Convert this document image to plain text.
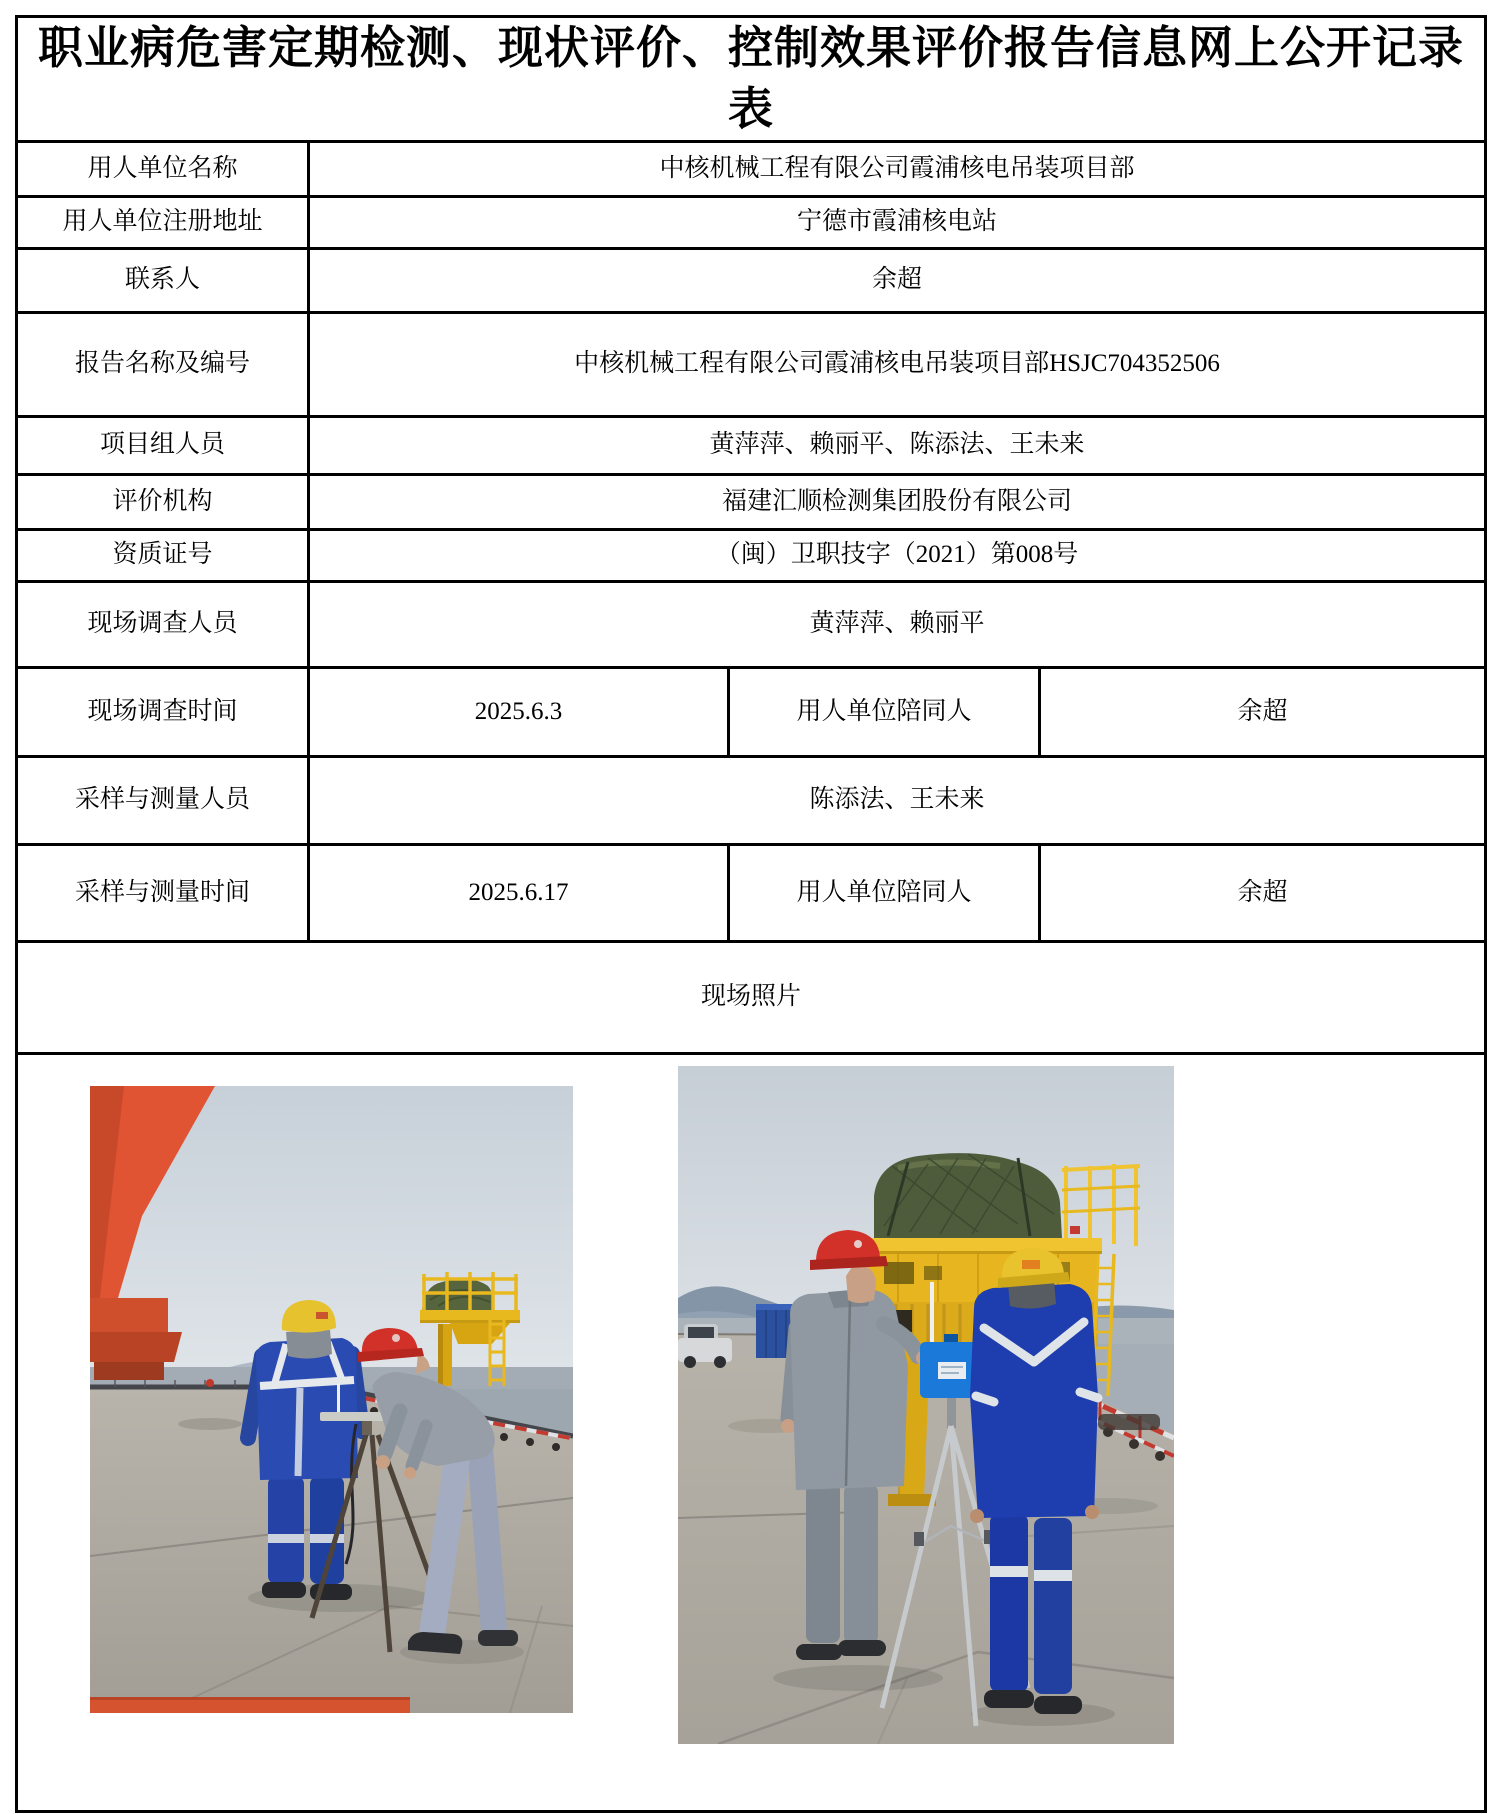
职业病危害定期检测、现状评价、控制效果评价报告信息网上公开记录表			
用人单位名称	中核机械工程有限公司霞浦核电吊装项目部		
用人单位注册地址	宁德市霞浦核电站		
联系人	余超		
报告名称及编号	中核机械工程有限公司霞浦核电吊装项目部HSJC704352506		
项目组人员	黄萍萍、赖丽平、陈添法、王未来		
评价机构	福建汇顺检测集团股份有限公司		
资质证号	（闽）卫职技字（2021）第008号		
现场调查人员	黄萍萍、赖丽平		
现场调查时间	2025.6.3	用人单位陪同人	余超
采样与测量人员	陈添法、王未来		
采样与测量时间	2025.6.17	用人单位陪同人	余超
现场照片			
